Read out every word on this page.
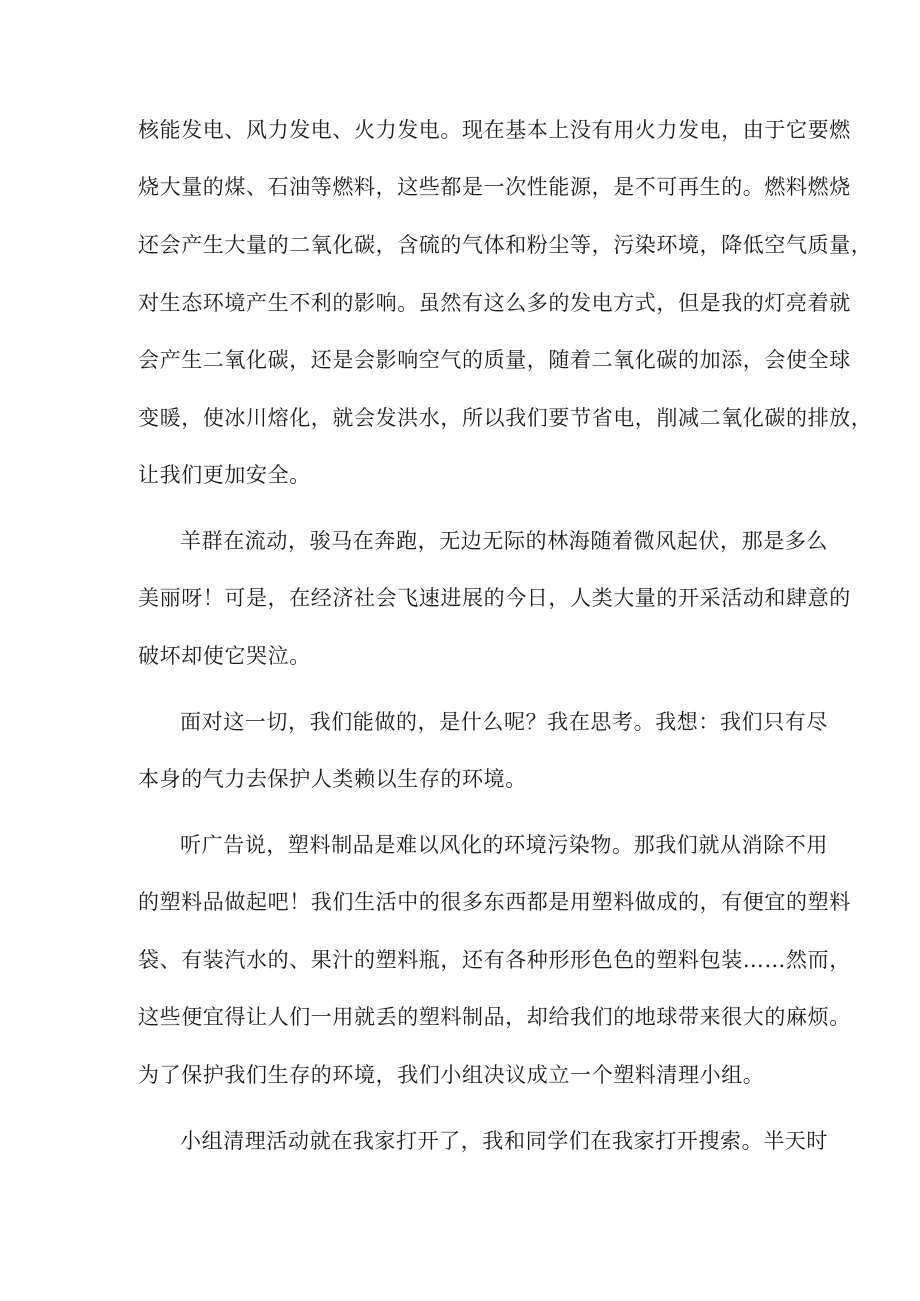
核能发电、风力发电、火力发电。现在基本上没有用火力发电，由于它要燃
烧大量的煤、石油等燃料，这些都是一次性能源，是不可再生的。燃料燃烧
还会产生大量的二氧化碳，含硫的气体和粉尘等，污染环境，降低空气质量，
对生态环境产生不利的影响。虽然有这么多的发电方式，但是我的灯亮着就
会产生二氧化碳，还是会影响空气的质量，随着二氧化碳的加添，会使全球
变暖，使冰川熔化，就会发洪水，所以我们要节省电，削减二氧化碳的排放，
让我们更加安全。
羊群在流动，骏马在奔跑，无边无际的林海随着微风起伏，那是多么
美丽呀！可是，在经济社会飞速进展的今日，人类大量的开采活动和肆意的
破坏却使它哭泣。
面对这一切，我们能做的，是什么呢？我在思考。我想：我们只有尽
本身的气力去保护人类赖以生存的环境。
听广告说，塑料制品是难以风化的环境污染物。那我们就从消除不用
的塑料品做起吧！我们生活中的很多东西都是用塑料做成的，有便宜的塑料
袋、有装汽水的、果汁的塑料瓶，还有各种形形色色的塑料包装……然而，
这些便宜得让人们一用就丢的塑料制品，却给我们的地球带来很大的麻烦。
为了保护我们生存的环境，我们小组决议成立一个塑料清理小组。
小组清理活动就在我家打开了，我和同学们在我家打开搜索。半天时
